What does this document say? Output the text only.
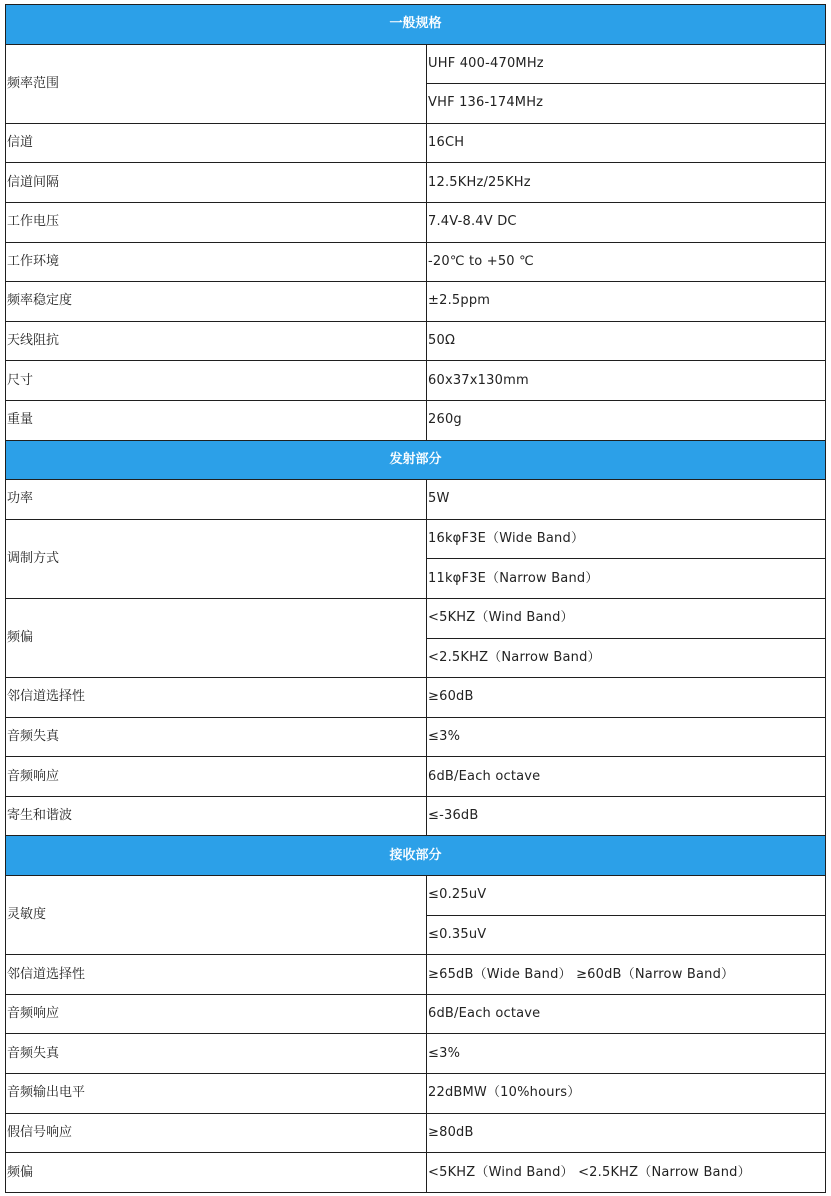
一般规格	
频率范围	UHF 400-470MHz
	VHF 136-174MHz
信道	16CH
信道间隔	12.5KHz/25KHz
工作电压	7.4V-8.4V DC
工作环境	-20℃ to +50 ℃
频率稳定度	±2.5ppm
天线阻抗	50Ω
尺寸	60x37x130mm
重量	260g
发射部分	
功率	5W
调制方式	16kφF3E（Wide Band）
	11kφF3E（Narrow Band）
频偏	<5KHZ（Wind Band）
	<2.5KHZ（Narrow Band）
邻信道选择性	≥60dB
音频失真	≤3%
音频响应	6dB/Each octave
寄生和谐波	≤-36dB
接收部分	
灵敏度	≤0.25uV
	≤0.35uV
邻信道选择性	≥65dB（Wide Band） ≥60dB（Narrow Band）
音频响应	6dB/Each octave
音频失真	≤3%
音频输出电平	22dBMW（10%hours）
假信号响应	≥80dB
频偏	<5KHZ（Wind Band） <2.5KHZ（Narrow Band）
